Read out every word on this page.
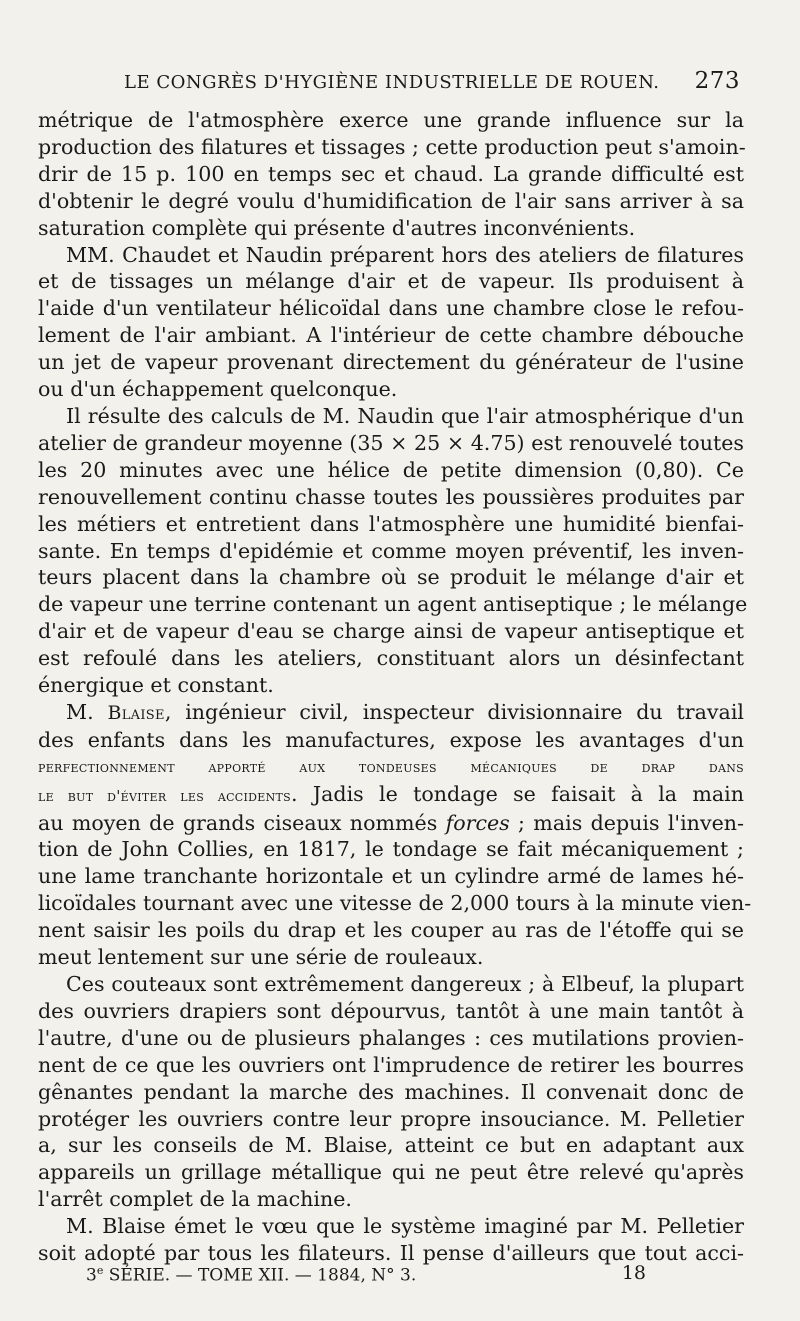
LE CONGRÈS D'HYGIÈNE INDUSTRIELLE DE ROUEN. 273
métrique de l'atmosphère exerce une grande influence sur la
production des filatures et tissages ; cette production peut s'amoin-
drir de 15 p. 100 en temps sec et chaud. La grande difficulté est
d'obtenir le degré voulu d'humidification de l'air sans arriver à sa
saturation complète qui présente d'autres inconvénients.
MM. Chaudet et Naudin préparent hors des ateliers de filatures
et de tissages un mélange d'air et de vapeur. Ils produisent à
l'aide d'un ventilateur hélicoïdal dans une chambre close le refou-
lement de l'air ambiant. A l'intérieur de cette chambre débouche
un jet de vapeur provenant directement du générateur de l'usine
ou d'un échappement quelconque.
Il résulte des calculs de M. Naudin que l'air atmosphérique d'un
atelier de grandeur moyenne (35 × 25 × 4.75) est renouvelé toutes
les 20 minutes avec une hélice de petite dimension (0,80). Ce
renouvellement continu chasse toutes les poussières produites par
les métiers et entretient dans l'atmosphère une humidité bienfai-
sante. En temps d'epidémie et comme moyen préventif, les inven-
teurs placent dans la chambre où se produit le mélange d'air et
de vapeur une terrine contenant un agent antiseptique ; le mélange
d'air et de vapeur d'eau se charge ainsi de vapeur antiseptique et
est refoulé dans les ateliers, constituant alors un désinfectant
énergique et constant.
M. Blaise, ingénieur civil, inspecteur divisionnaire du travail
des enfants dans les manufactures, expose les avantages d'un
perfectionnement apporté aux tondeuses mécaniques de drap dans
le but d'éviter les accidents. Jadis le tondage se faisait à la main
au moyen de grands ciseaux nommés forces ; mais depuis l'inven-
tion de John Collies, en 1817, le tondage se fait mécaniquement ;
une lame tranchante horizontale et un cylindre armé de lames hé-
licoïdales tournant avec une vitesse de 2,000 tours à la minute vien-
nent saisir les poils du drap et les couper au ras de l'étoffe qui se
meut lentement sur une série de rouleaux.
Ces couteaux sont extrêmement dangereux ; à Elbeuf, la plupart
des ouvriers drapiers sont dépourvus, tantôt à une main tantôt à
l'autre, d'une ou de plusieurs phalanges : ces mutilations provien-
nent de ce que les ouvriers ont l'imprudence de retirer les bourres
gênantes pendant la marche des machines. Il convenait donc de
protéger les ouvriers contre leur propre insouciance. M. Pelletier
a, sur les conseils de M. Blaise, atteint ce but en adaptant aux
appareils un grillage métallique qui ne peut être relevé qu'après
l'arrêt complet de la machine.
M. Blaise émet le vœu que le système imaginé par M. Pelletier
soit adopté par tous les filateurs. Il pense d'ailleurs que tout acci-
3e SÉRIE. — TOME XII. — 1884, N° 3.	18
